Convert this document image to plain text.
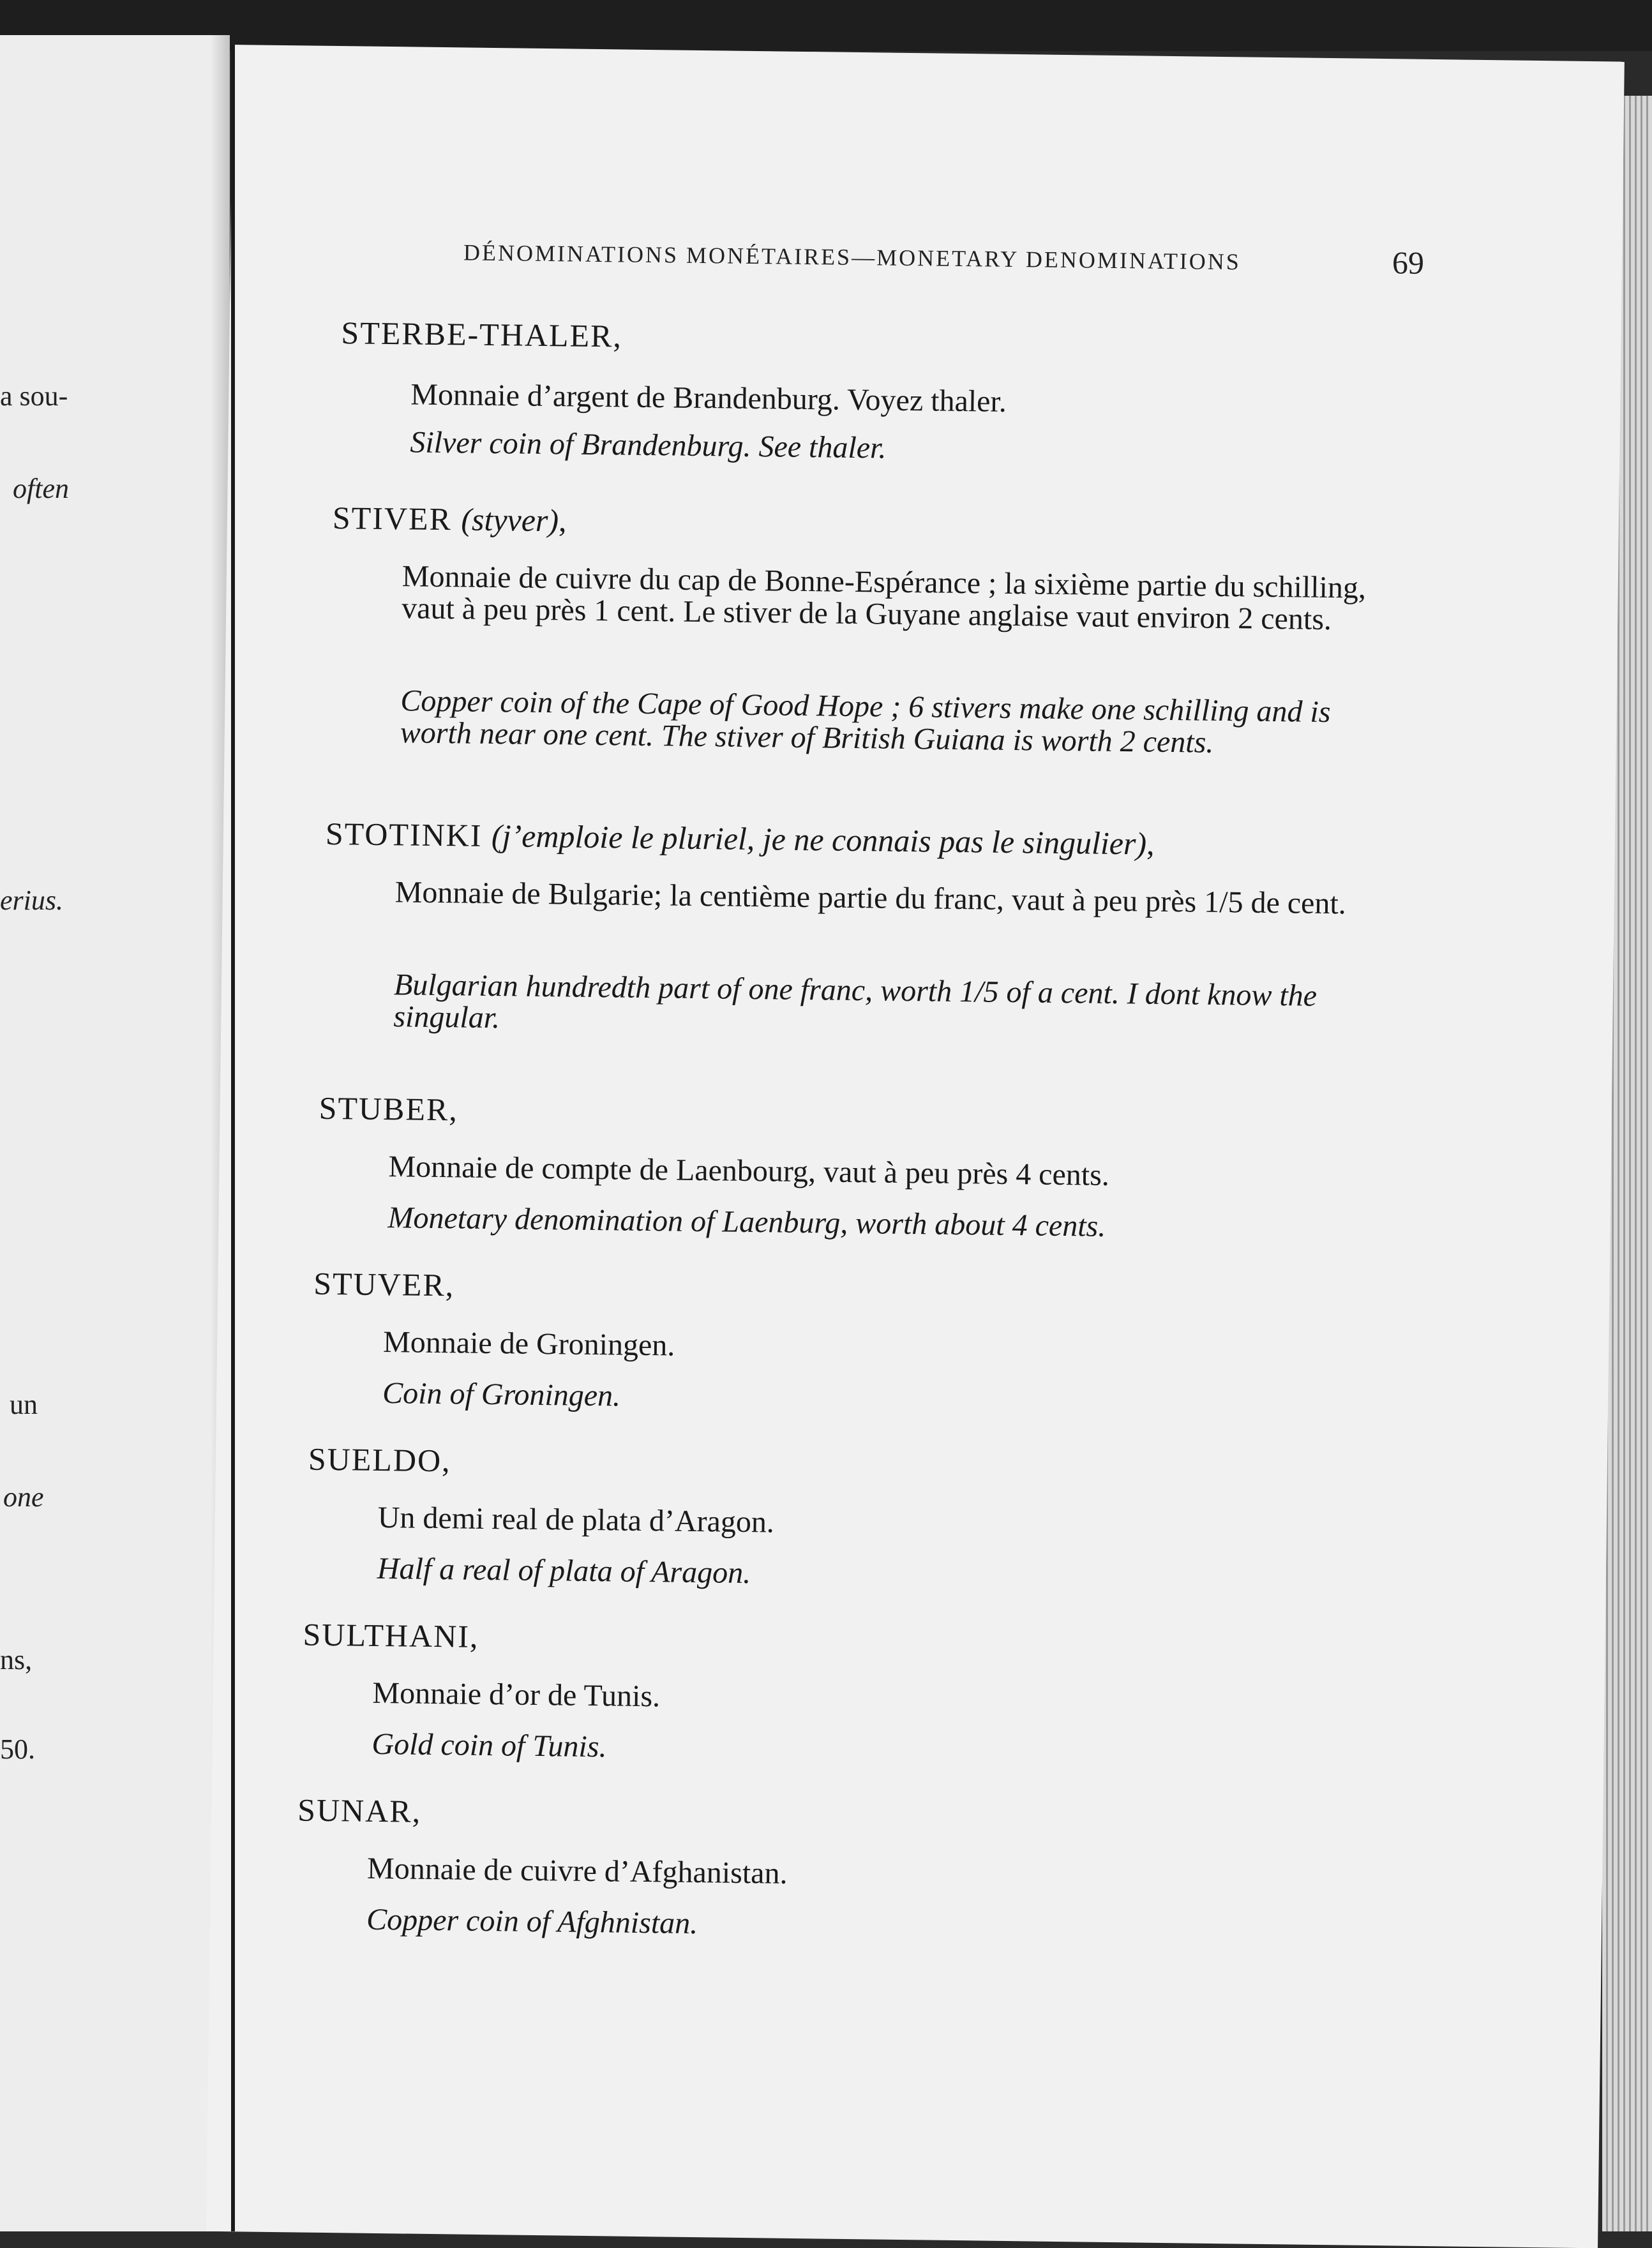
a sou-
often
erius.
un
one
ns,
50.
DÉNOMINATIONS MONÉTAIRES—MONETARY DENOMINATIONS	69
STERBE-THALER,
Monnaie d’argent de Brandenburg. Voyez thaler.
Silver coin of Brandenburg. See thaler.
STIVER (styver),
Monnaie de cuivre du cap de Bonne-Espérance ; la sixième partie du schilling, vaut à peu près 1 cent. Le stiver de la Guyane anglaise vaut environ 2 cents.
Copper coin of the Cape of Good Hope ; 6 stivers make one schilling and is worth near one cent. The stiver of British Guiana is worth 2 cents.
STOTINKI (j’emploie le pluriel, je ne connais pas le singulier),
Monnaie de Bulgarie; la centième partie du franc, vaut à peu près 1/5 de cent.
Bulgarian hundredth part of one franc, worth 1/5 of a cent. I dont know the singular.
STUBER,
Monnaie de compte de Laenbourg, vaut à peu près 4 cents.
Monetary denomination of Laenburg, worth about 4 cents.
STUVER,
Monnaie de Groningen.
Coin of Groningen.
SUELDO,
Un demi real de plata d’Aragon.
Half a real of plata of Aragon.
SULTHANI,
Monnaie d’or de Tunis.
Gold coin of Tunis.
SUNAR,
Monnaie de cuivre d’Afghanistan.
Copper coin of Afghnistan.
